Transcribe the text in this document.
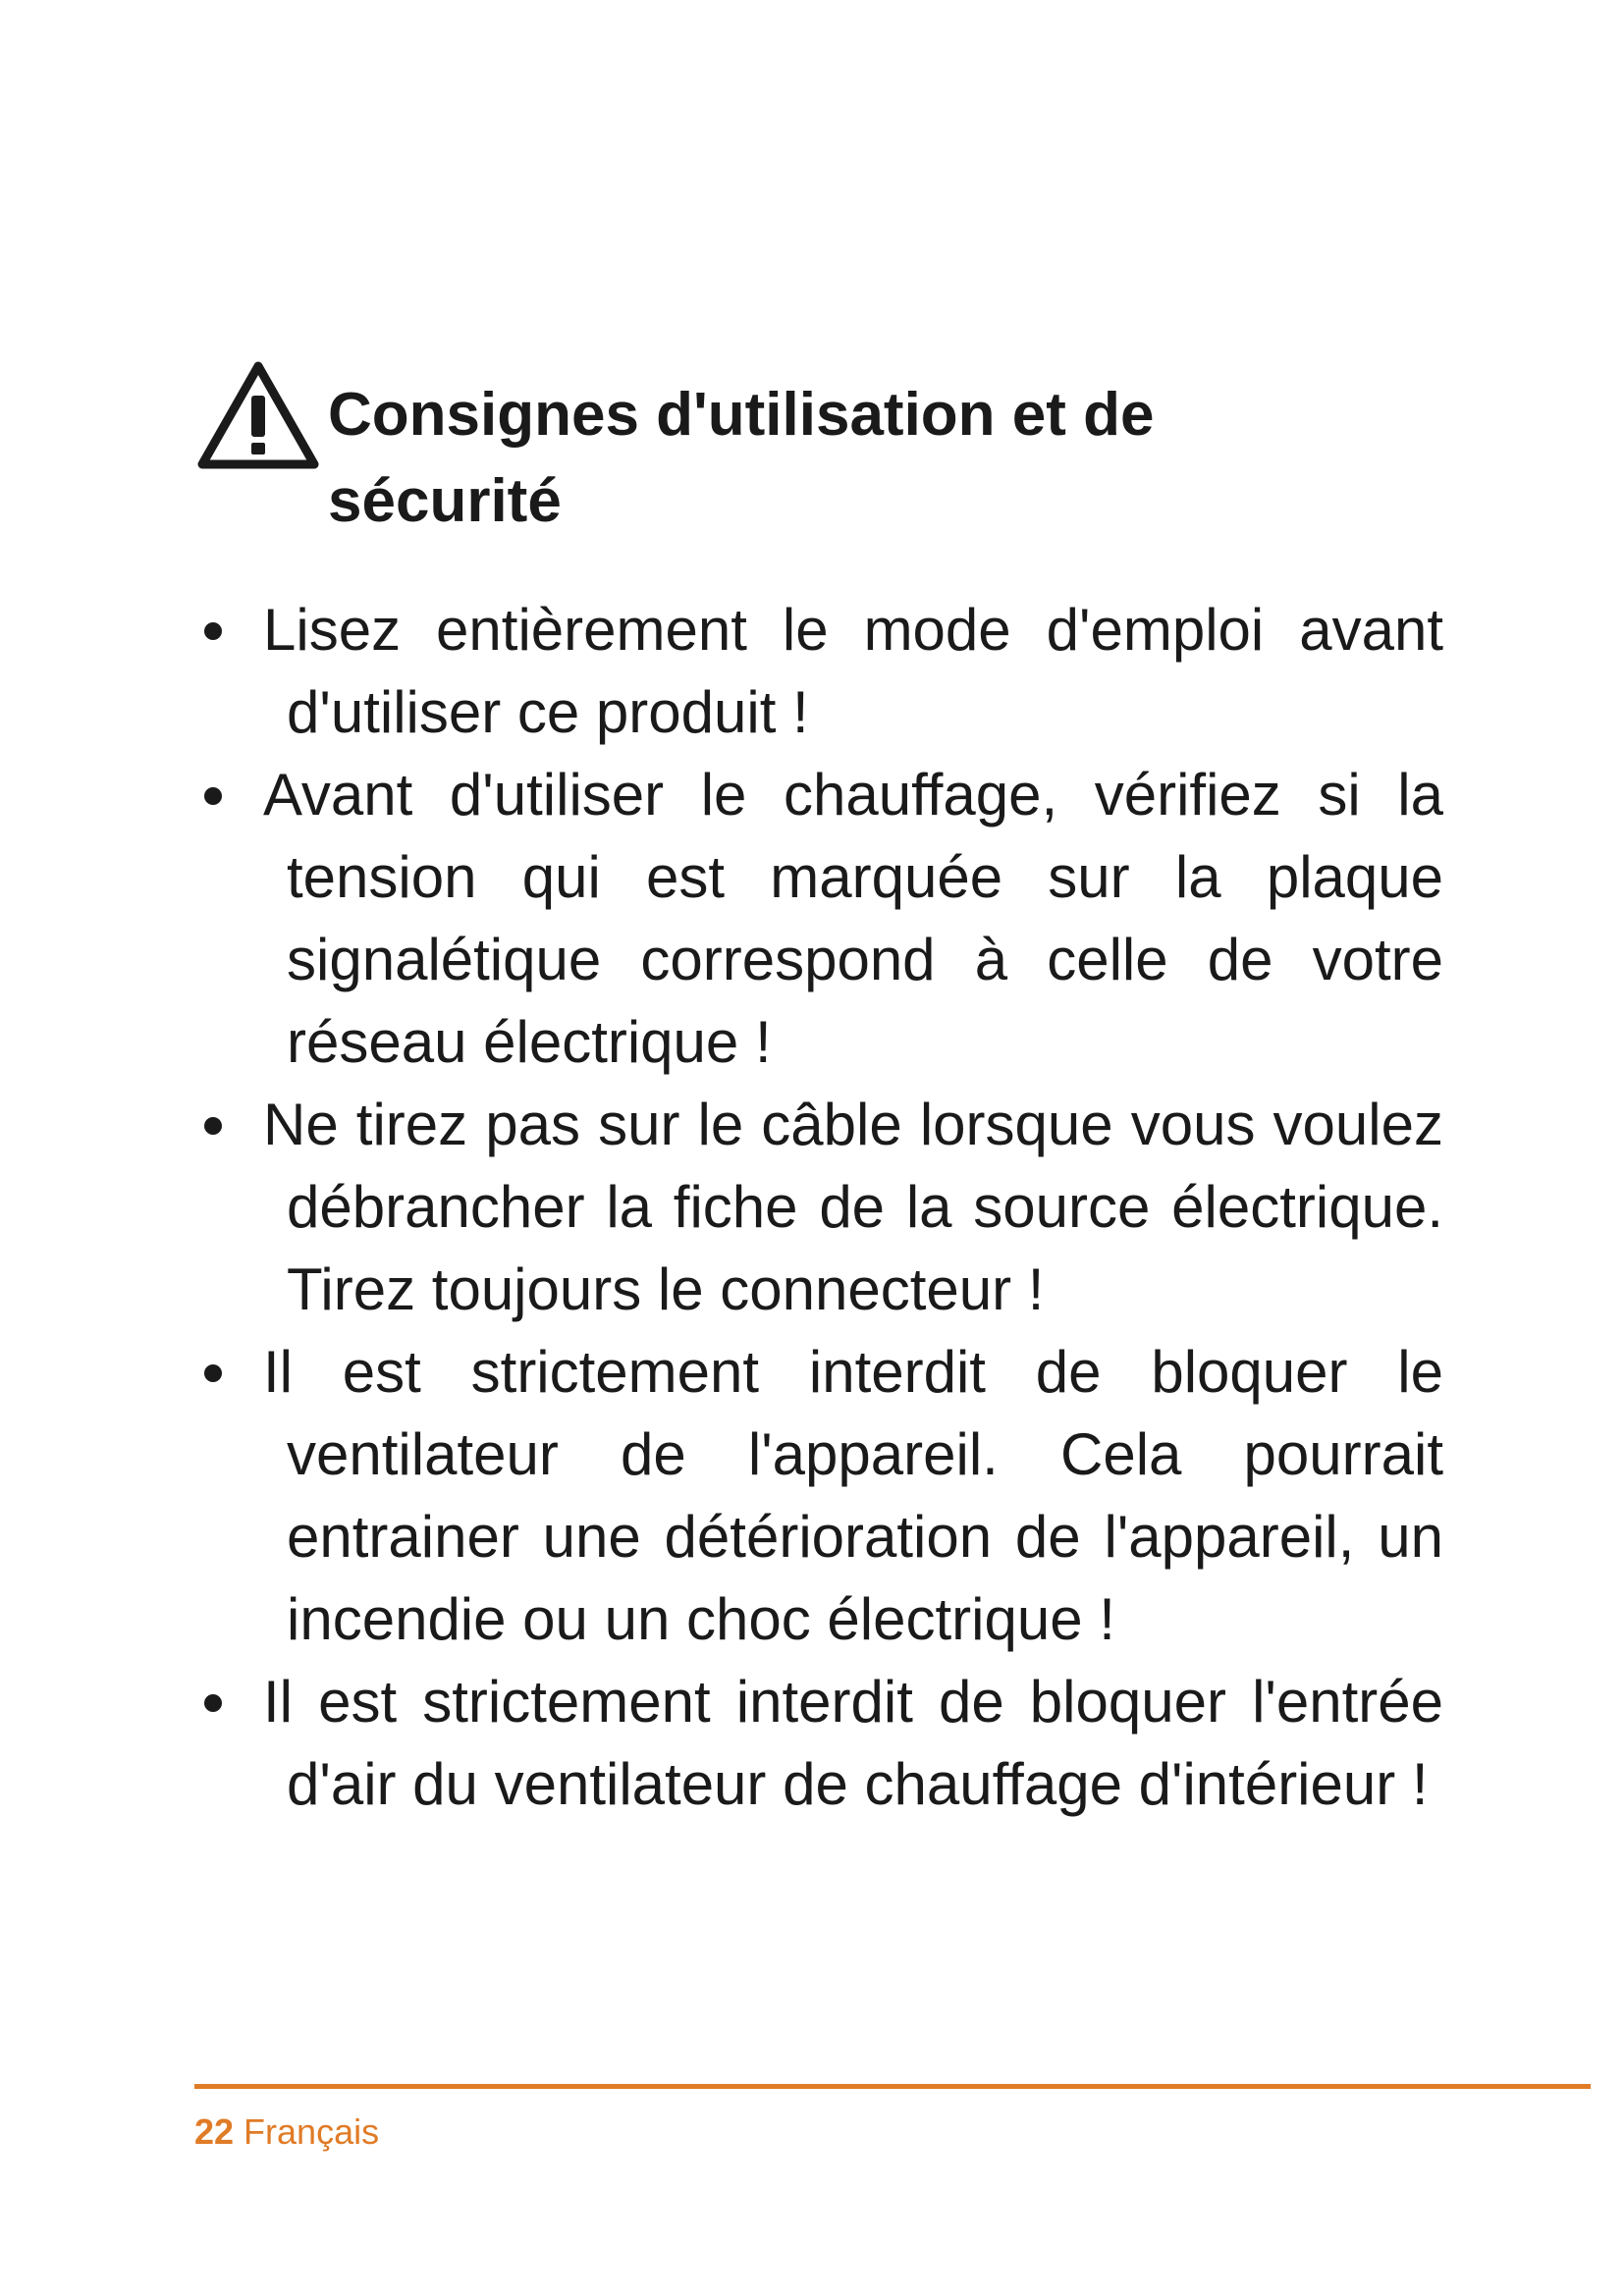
Consignes d'utilisation et de sécurité
Lisez entièrement le mode d'emploi avant d'utiliser ce produit !
Avant d'utiliser le chauffage, vérifiez si la tension qui est marquée sur la plaque signalétique correspond à celle de votre réseau électrique !
Ne tirez pas sur le câble lorsque vous voulez débrancher la fiche de la source électrique. Tirez toujours le connecteur !
Il est strictement interdit de bloquer le ventilateur de l'appareil. Cela pourrait entrainer une détérioration de l'appareil, un incendie ou un choc électrique !
Il est strictement interdit de bloquer l'entrée d'air du ventilateur de chauffage d'intérieur !
22 Français
